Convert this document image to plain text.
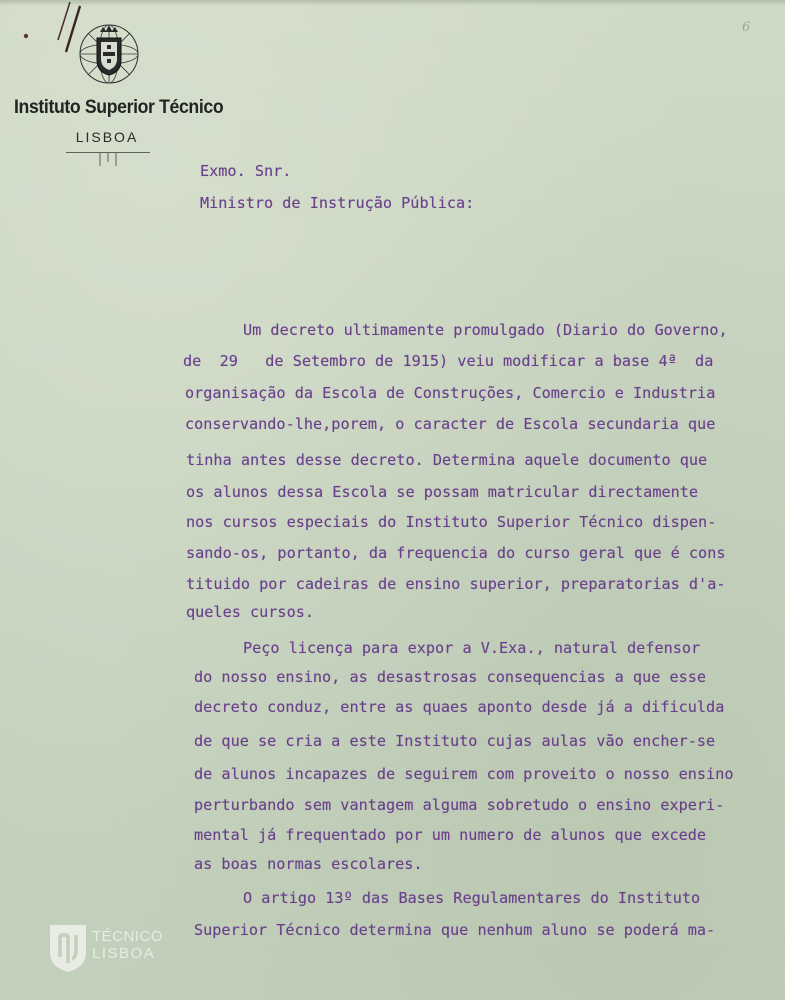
6
Instituto Superior Técnico
LISBOA

Exmo. Snr.

Ministro de Instrução Pública:

Um decreto ultimamente promulgado (Diario do Governo,

de  29   de Setembro de 1915) veiu modificar a base 4ª  da

organisação da Escola de Construções, Comercio e Industria

conservando-lhe,porem, o caracter de Escola secundaria que

tinha antes desse decreto. Determina aquele documento que

os alunos dessa Escola se possam matricular directamente

nos cursos especiais do Instituto Superior Técnico dispen-

sando-os, portanto, da frequencia do curso geral que é cons

tituido por cadeiras de ensino superior, preparatorias d'a-

queles cursos.

Peço licença para expor a V.Exa., natural defensor

do nosso ensino, as desastrosas consequencias a que esse

decreto conduz, entre as quaes aponto desde já a dificulda

de que se cria a este Instituto cujas aulas vão encher-se

de alunos incapazes de seguirem com proveito o nosso ensino

perturbando sem vantagem alguma sobretudo o ensino experi-

mental já frequentado por um numero de alunos que excede

as boas normas escolares.

O artigo 13º das Bases Regulamentares do Instituto

Superior Técnico determina que nenhum aluno se poderá ma-

TÉCNICO
LISBOA
